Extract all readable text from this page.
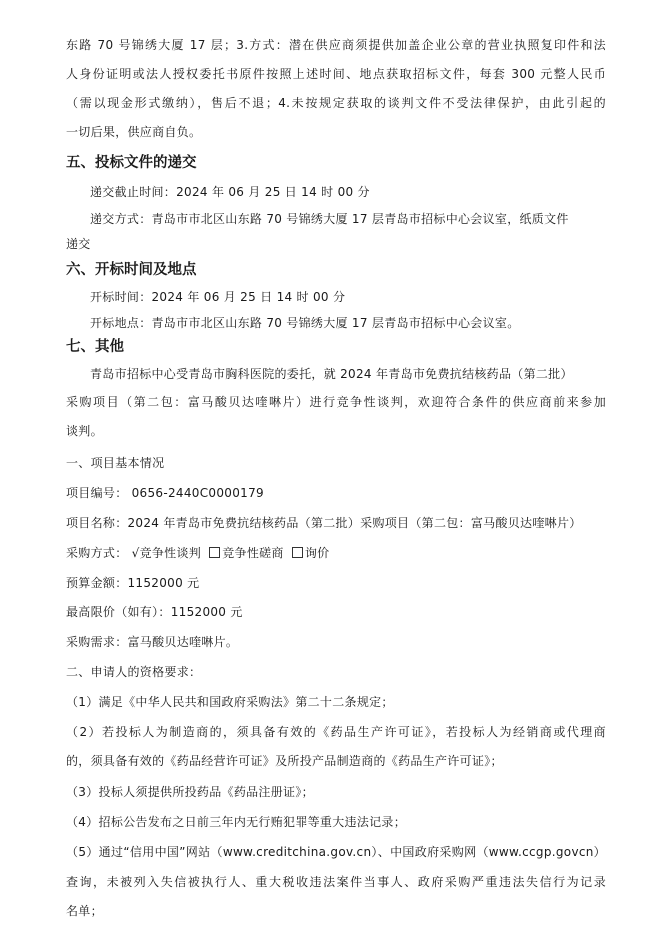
东路 70 号锦绣大厦 17 层；3.方式：潜在供应商须提供加盖企业公章的营业执照复印件和法
人身份证明或法人授权委托书原件按照上述时间、地点获取招标文件，每套 300 元整人民币
（需以现金形式缴纳），售后不退；4.未按规定获取的谈判文件不受法律保护，由此引起的
一切后果，供应商自负。
五、投标文件的递交
递交截止时间：2024 年 06 月 25 日 14 时 00 分
递交方式：青岛市市北区山东路 70 号锦绣大厦 17 层青岛市招标中心会议室，纸质文件
递交
六、开标时间及地点
开标时间：2024 年 06 月 25 日 14 时 00 分
开标地点：青岛市市北区山东路 70 号锦绣大厦 17 层青岛市招标中心会议室。
七、其他
青岛市招标中心受青岛市胸科医院的委托，就 2024 年青岛市免费抗结核药品（第二批）
采购项目（第二包：富马酸贝达喹啉片）进行竞争性谈判，欢迎符合条件的供应商前来参加
谈判。
一、项目基本情况
项目编号： 0656-2440C0000179
项目名称：2024 年青岛市免费抗结核药品（第二批）采购项目（第二包：富马酸贝达喹啉片）
采购方式： √竞争性谈判 竞争性磋商 询价
预算金额：1152000 元
最高限价（如有）：1152000 元
采购需求：富马酸贝达喹啉片。
二、申请人的资格要求：
（1）满足《中华人民共和国政府采购法》第二十二条规定；
（2）若投标人为制造商的，须具备有效的《药品生产许可证》，若投标人为经销商或代理商
的，须具备有效的《药品经营许可证》及所投产品制造商的《药品生产许可证》；
（3）投标人须提供所投药品《药品注册证》；
（4）招标公告发布之日前三年内无行贿犯罪等重大违法记录；
（5）通过“信用中国”网站（www.creditchina.gov.cn）、中国政府采购网（www.ccgp.govcn）
查询，未被列入失信被执行人、重大税收违法案件当事人、政府采购严重违法失信行为记录
名单；
